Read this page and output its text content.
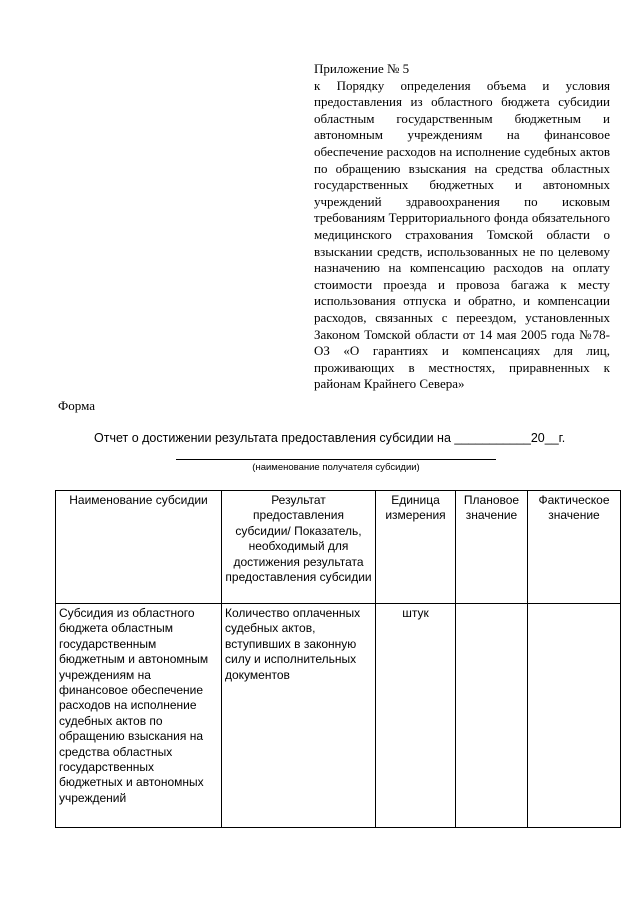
Приложение № 5
к Порядку определения объема и условия предоставления из областного бюджета субсидии областным государственным бюджетным и автономным учреждениям на финансовое обеспечение расходов на исполнение судебных актов по обращению взыскания на средства областных государственных бюджетных и автономных учреждений здравоохранения по исковым требованиям Территориального фонда обязательного медицинского страхования Томской области о взыскании средств, использованных не по целевому назначению на компенсацию расходов на оплату стоимости проезда и провоза багажа к месту использования отпуска и обратно, и компенсации расходов, связанных с переездом, установленных Законом Томской области от 14 мая 2005 года №78-ОЗ «О гарантиях и компенсациях для лиц, проживающих в местностях, приравненных к районам Крайнего Севера»
Форма
Отчет о достижении результата предоставления субсидии на ___________20__г.
(наименование получателя субсидии)
Наименование субсидии	Результат предоставления субсидии/ Показатель, необходимый для достижения результата предоставления субсидии	Единица измерения	Плановое значение	Фактическое значение
Субсидия из областного бюджета областным государственным бюджетным и автономным учреждениям на финансовое обеспечение расходов на исполнение судебных актов по обращению взыскания на средства областных государственных бюджетных и автономных учреждений	Количество оплаченных судебных актов, вступивших в законную силу и исполнительных документов	штук		
